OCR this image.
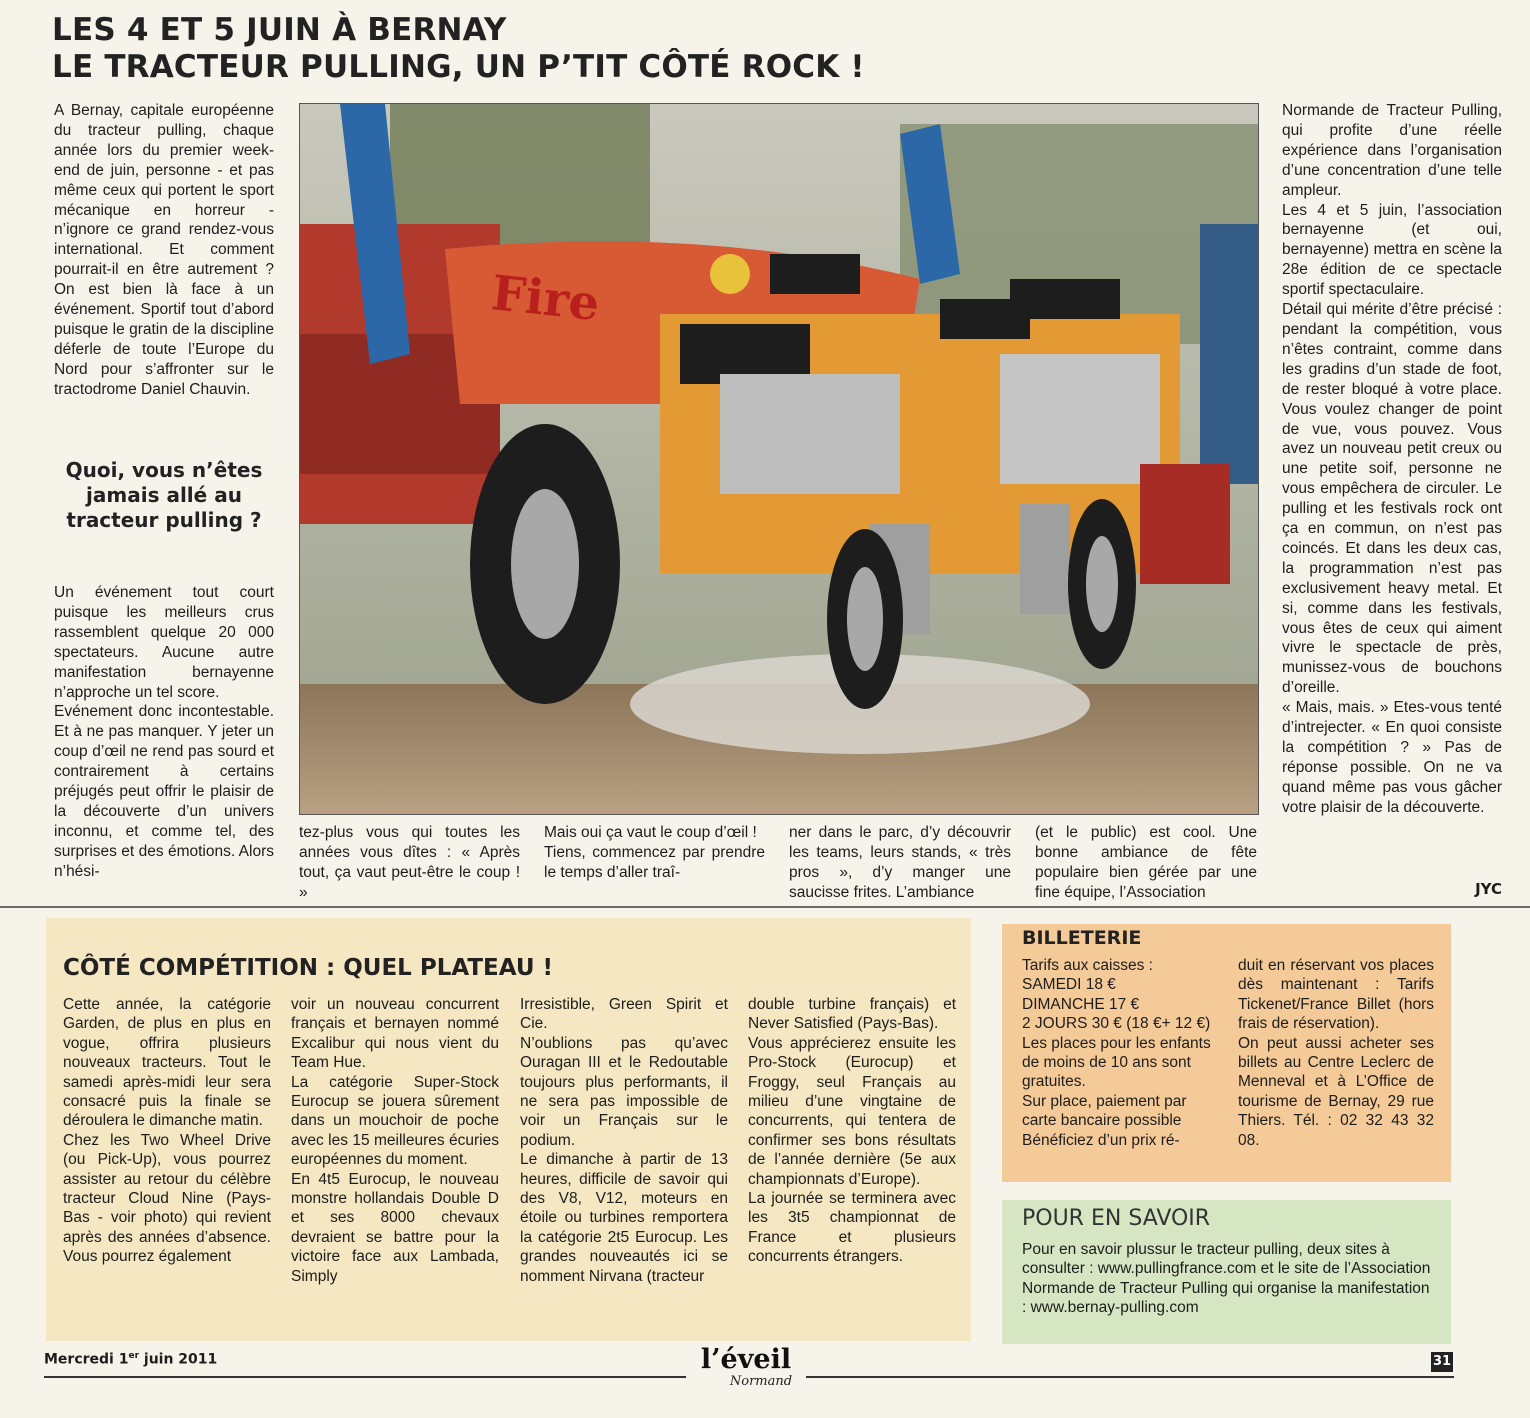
LES 4 ET 5 JUIN À BERNAY
LE TRACTEUR PULLING, UN P’TIT CÔTÉ ROCK !

A Bernay, capitale européenne du tracteur pulling, chaque année lors du premier week-end de juin, personne - et pas même ceux qui portent le sport mécanique en horreur - n’ignore ce grand rendez-vous international. Et comment pourrait-il en être autrement ? On est bien là face à un événement. Sportif tout d’abord puisque le gratin de la discipline déferle de toute l’Europe du Nord pour s’affronter sur le tractodrome Daniel Chauvin.

Quoi, vous n’êtes jamais allé au tracteur pulling ?

Un événement tout court puisque les meilleurs crus rassemblent quelque 20 000 spectateurs. Aucune autre manifestation bernayenne n’approche un tel score.

Evénement donc incontestable. Et à ne pas manquer. Y jeter un coup d’œil ne rend pas sourd et contrairement à certains préjugés peut offrir le plaisir de la découverte d’un univers inconnu, et comme tel, des surprises et des émotions. Alors n’hési-

Fire

tez-plus vous qui toutes les années vous dîtes : « Après tout, ça vaut peut-être le coup ! »

Mais oui ça vaut le coup d’œil !

Tiens, commencez par prendre le temps d’aller traî-

ner dans le parc, d’y découvrir les teams, leurs stands, « très pros », d’y manger une saucisse frites. L’ambiance

(et le public) est cool. Une bonne ambiance de fête populaire bien gérée par une fine équipe, l’Association

Normande de Tracteur Pulling, qui profite d’une réelle expérience dans l’organisation d’une concentration d’une telle ampleur.

Les 4 et 5 juin, l’association bernayenne (et oui, bernayenne) mettra en scène la 28e édition de ce spectacle sportif spectaculaire.

Détail qui mérite d’être précisé : pendant la compétition, vous n’êtes contraint, comme dans les gradins d’un stade de foot, de rester bloqué à votre place. Vous voulez changer de point de vue, vous pouvez. Vous avez un nouveau petit creux ou une petite soif, personne ne vous empêchera de circuler. Le pulling et les festivals rock ont ça en commun, on n’est pas coincés. Et dans les deux cas, la programmation n’est pas exclusivement heavy metal. Et si, comme dans les festivals, vous êtes de ceux qui aiment vivre le spectacle de près, munissez-vous de bouchons d’oreille.

« Mais, mais. » Etes-vous tenté d’intrejecter. « En quoi consiste la compétition ? » Pas de réponse possible. On ne va quand même pas vous gâcher votre plaisir de la découverte.

JYC
CÔTÉ COMPÉTITION : QUEL PLATEAU !

Cette année, la catégorie Garden, de plus en plus en vogue, offrira plusieurs nouveaux tracteurs. Tout le samedi après-midi leur sera consacré puis la finale se déroulera le dimanche matin.

Chez les Two Wheel Drive (ou Pick-Up), vous pourrez assister au retour du célèbre tracteur Cloud Nine (Pays-Bas - voir photo) qui revient après des années d’absence. Vous pourrez également

voir un nouveau concurrent français et bernayen nommé Excalibur qui nous vient du Team Hue.

La catégorie Super-Stock Eurocup se jouera sûrement dans un mouchoir de poche avec les 15 meilleures écuries européennes du moment.

En 4t5 Eurocup, le nouveau monstre hollandais Double D et ses 8000 chevaux devraient se battre pour la victoire face aux Lambada, Simply

Irresistible, Green Spirit et Cie.

N’oublions pas qu’avec Ouragan III et le Redoutable toujours plus performants, il ne sera pas impossible de voir un Français sur le podium.

Le dimanche à partir de 13 heures, difficile de savoir qui des V8, V12, moteurs en étoile ou turbines remportera la catégorie 2t5 Eurocup. Les grandes nouveautés ici se nomment Nirvana (tracteur

double turbine français) et Never Satisfied (Pays-Bas).

Vous apprécierez ensuite les Pro-Stock (Eurocup) et Froggy, seul Français au milieu d’une vingtaine de concurrents, qui tentera de confirmer ses bons résultats de l’année dernière (5e aux championnats d’Europe).

La journée se terminera avec les 3t5 championnat de France et plusieurs concurrents étrangers.

BILLETERIE

Tarifs aux caisses :

SAMEDI 18 €

DIMANCHE 17 €

2 JOURS 30 € (18 €+ 12 €)

Les places pour les enfants de moins de 10 ans sont gratuites.

Sur place, paiement par carte bancaire possible

Bénéficiez d’un prix ré-

duit en réservant vos places dès maintenant : Tarifs Tickenet/France Billet (hors frais de réservation).

On peut aussi acheter ses billets au Centre Leclerc de Menneval et à L’Office de tourisme de Bernay, 29 rue Thiers. Tél. : 02 32 43 32 08.

POUR EN SAVOIR

Pour en savoir plussur le tracteur pulling, deux sites à consulter : www.pullingfrance.com et le site de l’Association Normande de Tracteur Pulling qui organise la manifestation : www.bernay-pulling.com

Mercredi 1er juin 2011	l’éveil
Normand
31
